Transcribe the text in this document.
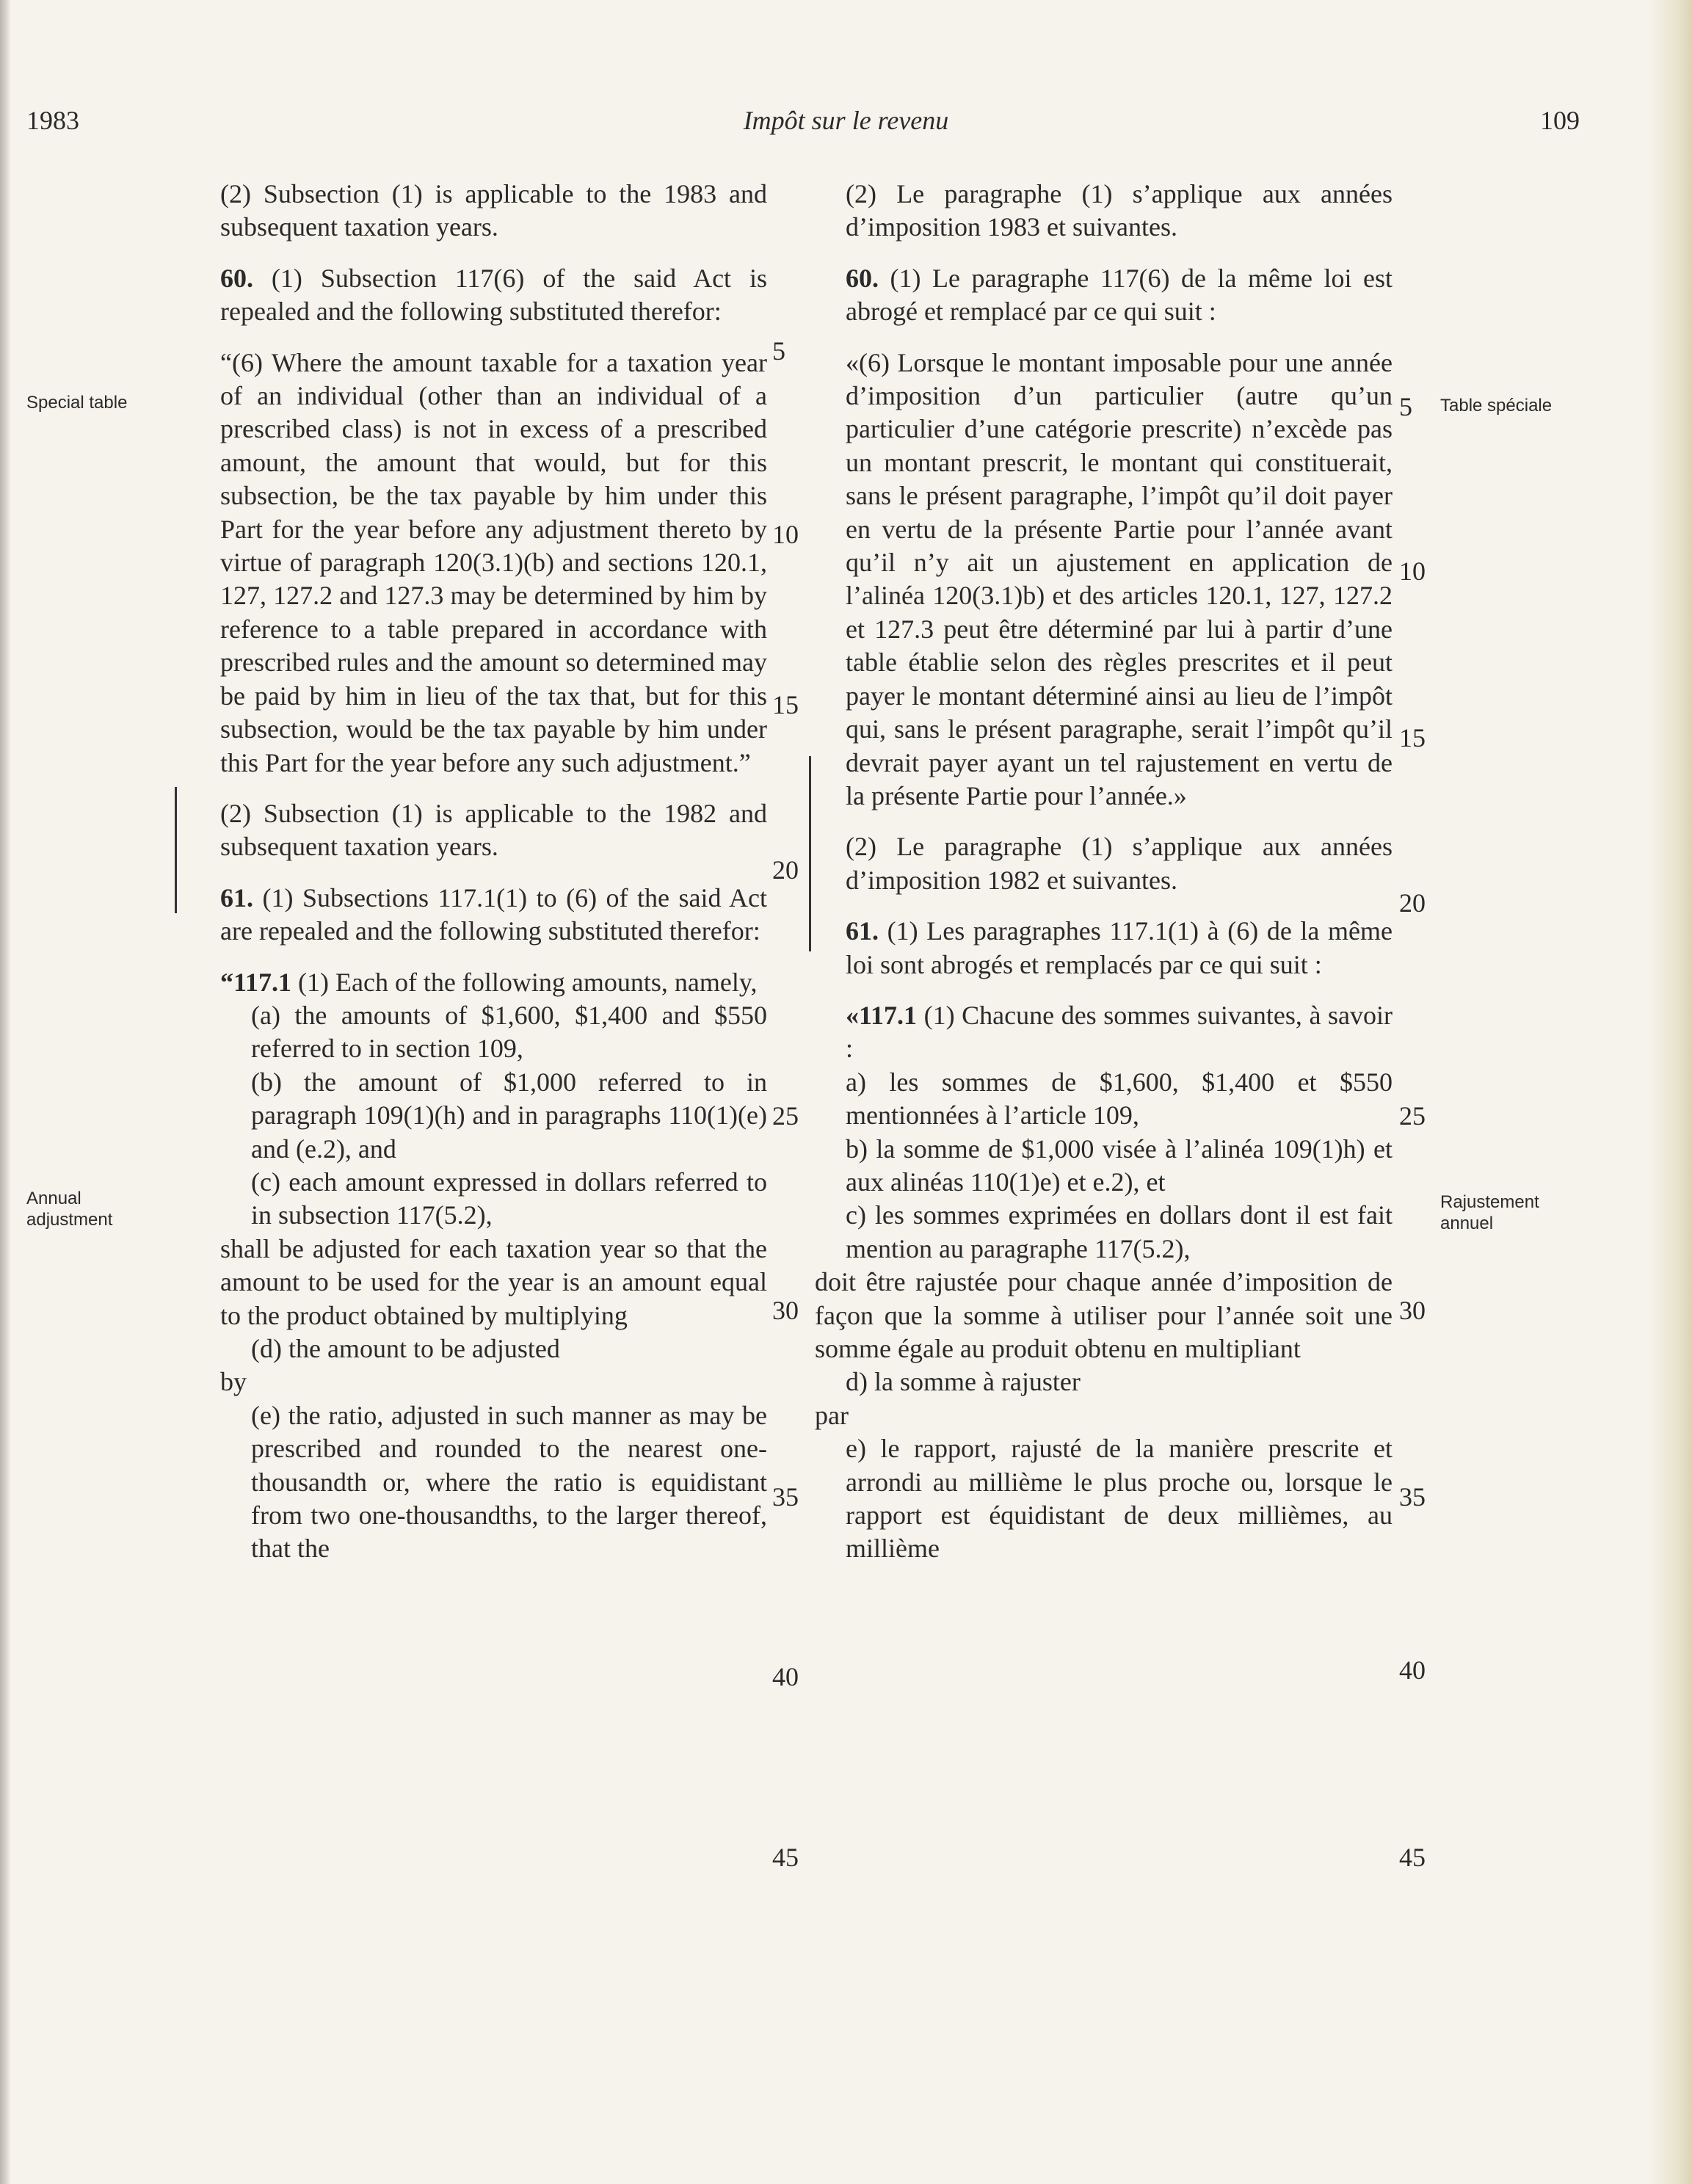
1983	Impôt sur le revenu	109
Special table	Table spéciale
Annual
adjustment
Rajustement
annuel

(2) Subsection (1) is applicable to the 1983 and subsequent taxation years.

60. (1) Subsection 117(6) of the said Act is repealed and the following substituted therefor:

“(6) Where the amount taxable for a taxation year of an individual (other than an individual of a prescribed class) is not in excess of a prescribed amount, the amount that would, but for this subsection, be the tax payable by him under this Part for the year before any adjustment thereto by virtue of paragraph 120(3.1)(b) and sections 120.1, 127, 127.2 and 127.3 may be determined by him by reference to a table prepared in accordance with prescribed rules and the amount so determined may be paid by him in lieu of the tax that, but for this subsection, would be the tax payable by him under this Part for the year before any such adjustment.”

(2) Subsection (1) is applicable to the 1982 and subsequent taxation years.

61. (1) Subsections 117.1(1) to (6) of the said Act are repealed and the following substituted therefor:

“117.1 (1) Each of the following amounts, namely,

(a) the amounts of $1,600, $1,400 and $550 referred to in section 109,

(b) the amount of $1,000 referred to in paragraph 109(1)(h) and in paragraphs 110(1)(e) and (e.2), and

(c) each amount expressed in dollars referred to in subsection 117(5.2),

shall be adjusted for each taxation year so that the amount to be used for the year is an amount equal to the product obtained by multiplying

(d) the amount to be adjusted

by

(e) the ratio, adjusted in such manner as may be prescribed and rounded to the nearest one-thousandth or, where the ratio is equidistant from two one-thousandths, to the larger thereof, that the

(2) Le paragraphe (1) s’applique aux années d’imposition 1983 et suivantes.

60. (1) Le paragraphe 117(6) de la même loi est abrogé et remplacé par ce qui suit :

«(6) Lorsque le montant imposable pour une année d’imposition d’un particulier (autre qu’un particulier d’une catégorie prescrite) n’excède pas un montant prescrit, le montant qui constituerait, sans le présent paragraphe, l’impôt qu’il doit payer en vertu de la présente Partie pour l’année avant qu’il n’y ait un ajustement en application de l’alinéa 120(3.1)b) et des articles 120.1, 127, 127.2 et 127.3 peut être déterminé par lui à partir d’une table établie selon des règles prescrites et il peut payer le montant déterminé ainsi au lieu de l’impôt qui, sans le présent paragraphe, serait l’impôt qu’il devrait payer ayant un tel rajustement en vertu de la présente Partie pour l’année.»

(2) Le paragraphe (1) s’applique aux années d’imposition 1982 et suivantes.

61. (1) Les paragraphes 117.1(1) à (6) de la même loi sont abrogés et remplacés par ce qui suit :

«117.1 (1) Chacune des sommes suivantes, à savoir :

a) les sommes de $1,600, $1,400 et $550 mentionnées à l’article 109,

b) la somme de $1,000 visée à l’alinéa 109(1)h) et aux alinéas 110(1)e) et e.2), et

c) les sommes exprimées en dollars dont il est fait mention au paragraphe 117(5.2),

doit être rajustée pour chaque année d’imposition de façon que la somme à utiliser pour l’année soit une somme égale au produit obtenu en multipliant

d) la somme à rajuster

par

e) le rapport, rajusté de la manière prescrite et arrondi au millième le plus proche ou, lorsque le rapport est équidistant de deux millièmes, au millième

5
10
15
20
25
30
35
40
45
5
10
15
20
25
30
35
40
45
